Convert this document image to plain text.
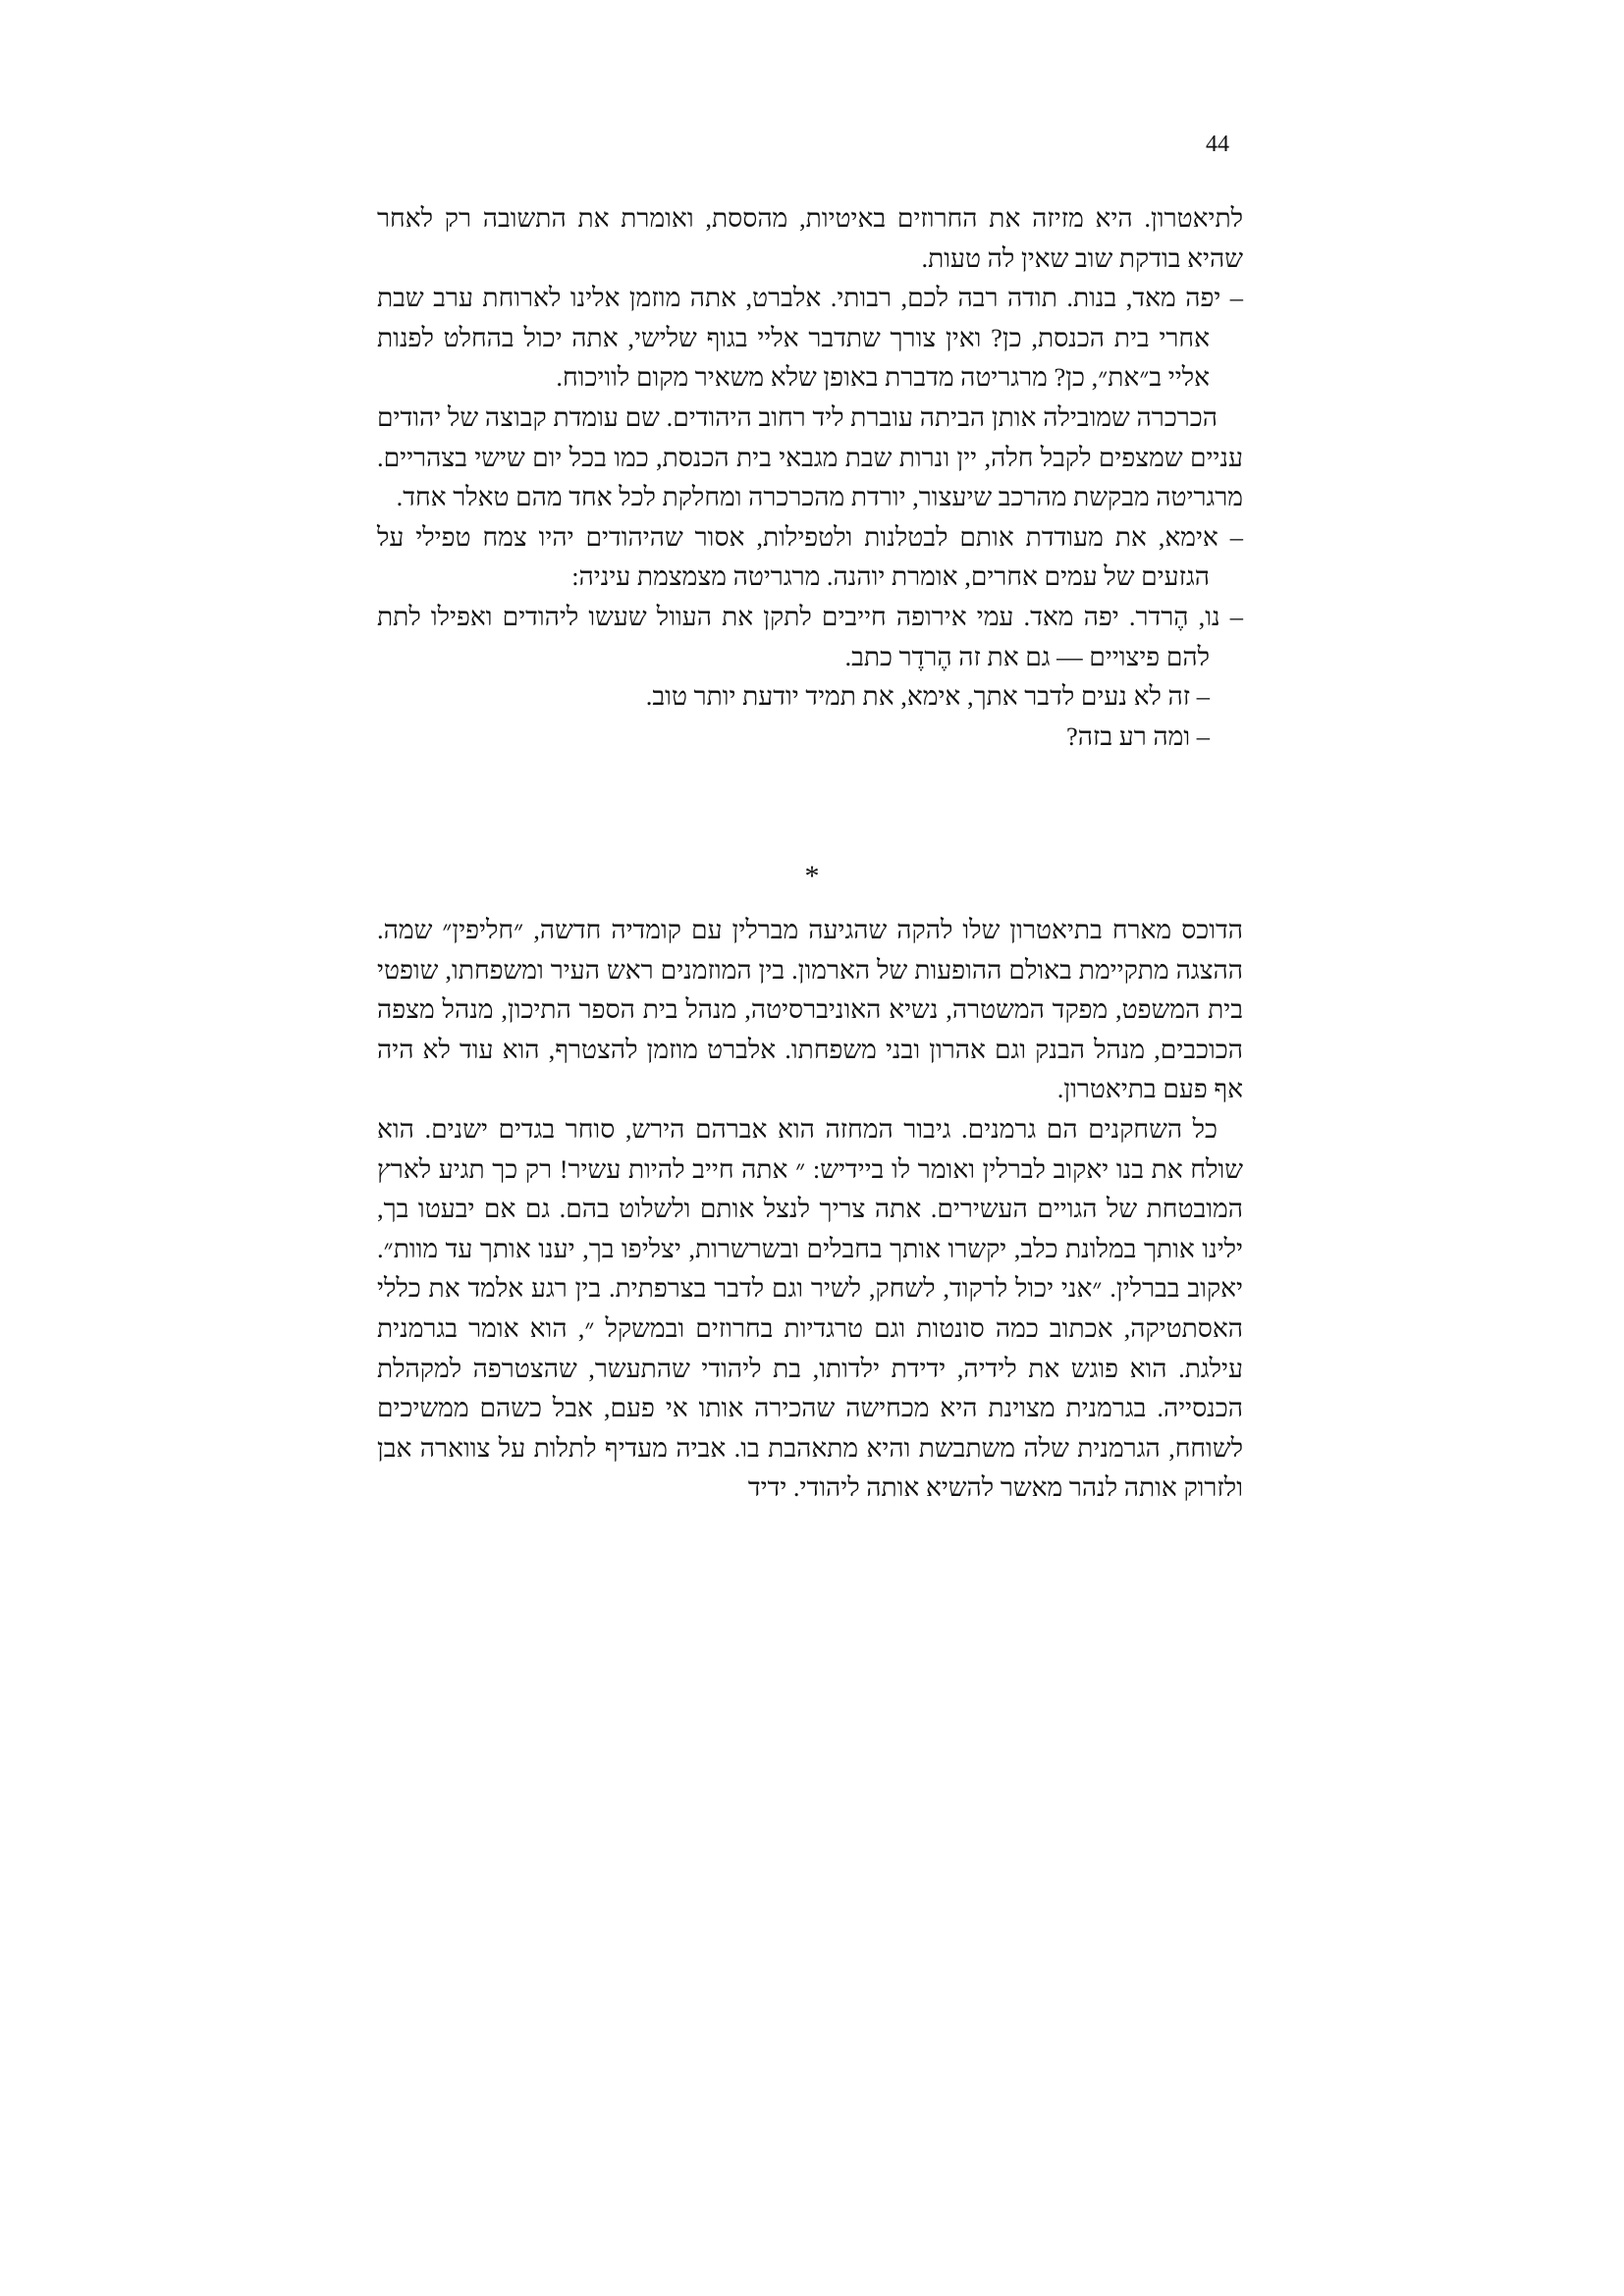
44

לתיאטרון. היא מזיזה את החרוזים באיטיות, מהססת, ואומרת את התשובה רק לאחר שהיא בודקת שוב שאין לה טעות.

– יפה מאד, בנות. תודה רבה לכם, רבותי. אלברט, אתה מוזמן אלינו לארוחת ערב שבת אחרי בית הכנסת, כן? ואין צורך שתדבר אליי בגוף שלישי, אתה יכול בהחלט לפנות אליי ב״את״, כן? מרגריטה מדברת באופן שלא משאיר מקום לוויכוח.

הכרכרה שמובילה אותן הביתה עוברת ליד רחוב היהודים. שם עומדת קבוצה של יהודים עניים שמצפים לקבל חלה, יין ונרות שבת מגבאי בית הכנסת, כמו בכל יום שישי בצהריים. מרגריטה מבקשת מהרכב שיעצור, יורדת מהכרכרה ומחלקת לכל אחד מהם טאלר אחד.

– אימא, את מעודדת אותם לבטלנות ולטפילות, אסור שהיהודים יהיו צמח טפילי על הגזעים של עמים אחרים, אומרת יוהנה. מרגריטה מצמצמת עיניה:

– נו, הֶרדר. יפה מאד. עמי אירופה חייבים לתקן את העוול שעשו ליהודים ואפילו לתת להם פיצויים — גם את זה הֶרדֶר כתב.

– זה לא נעים לדבר אתך, אימא, את תמיד יודעת יותר טוב.

– ומה רע בזה?

*

הדוכס מארח בתיאטרון שלו להקה שהגיעה מברלין עם קומדיה חדשה, ״חליפין״ שמה. ההצגה מתקיימת באולם ההופעות של הארמון. בין המוזמנים ראש העיר ומשפחתו, שופטי בית המשפט, מפקד המשטרה, נשיא האוניברסיטה, מנהל בית הספר התיכון, מנהל מצפה הכוכבים, מנהל הבנק וגם אהרון ובני משפחתו. אלברט מוזמן להצטרף, הוא עוד לא היה אף פעם בתיאטרון.

כל השחקנים הם גרמנים. גיבור המחזה הוא אברהם הירש, סוחר בגדים ישנים. הוא שולח את בנו יאקוב לברלין ואומר לו ביידיש: ״ אתה חייב להיות עשיר! רק כך תגיע לארץ המובטחת של הגויים העשירים. אתה צריך לנצל אותם ולשלוט בהם. גם אם יבעטו בך, ילינו אותך במלונת כלב, יקשרו אותך בחבלים ובשרשרות, יצליפו בך, יענו אותך עד מוות״. יאקוב בברלין. ״אני יכול לרקוד, לשחק, לשיר וגם לדבר בצרפתית. בין רגע אלמד את כללי האסתטיקה, אכתוב כמה סונטות וגם טרגדיות בחרוזים ובמשקל ״, הוא אומר בגרמנית עילגת. הוא פוגש את לידיה, ידידת ילדותו, בת ליהודי שהתעשר, שהצטרפה למקהלת הכנסייה. בגרמנית מצוינת היא מכחישה שהכירה אותו אי פעם, אבל כשהם ממשיכים לשוחח, הגרמנית שלה משתבשת והיא מתאהבת בו. אביה מעדיף לתלות על צווארה אבן ולזרוק אותה לנהר מאשר להשיא אותה ליהודי. ידיד
